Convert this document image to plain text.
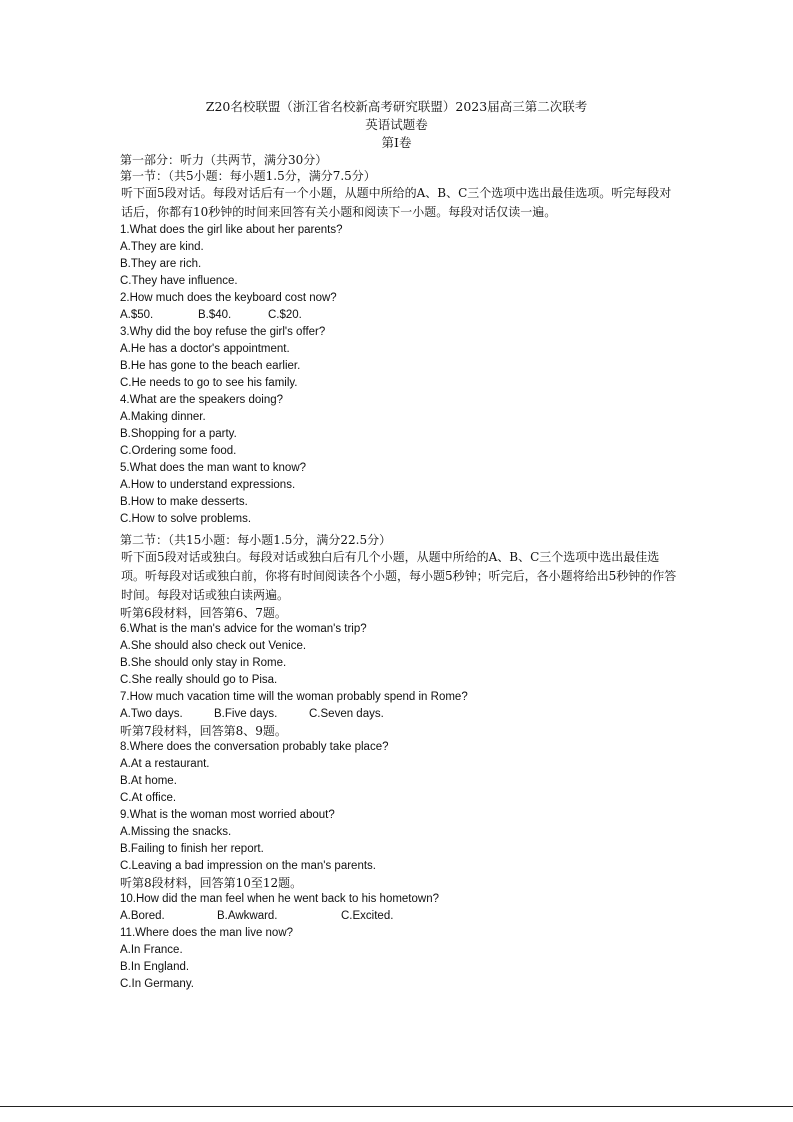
Z20名校联盟（浙江省名校新高考研究联盟）2023届高三第二次联考
英语试题卷
第Ⅰ卷

第一部分：听力（共两节，满分30分）

第一节：（共5小题：每小题1.5分，满分7.5分）

听下面5段对话。每段对话后有一个小题，从题中所给的A、B、C三个选项中选出最佳选项。听完每段对话后，你都有10秒钟的时间来回答有关小题和阅读下一小题。每段对话仅读一遍。

1.What does the girl like about her parents?

A.They are kind.

B.They are rich.

C.They have influence.

2.How much does the keyboard cost now?

A.$50.	B.$40.	C.$20.

3.Why did the boy refuse the girl's offer?

A.He has a doctor's appointment.

B.He has gone to the beach earlier.

C.He needs to go to see his family.

4.What are the speakers doing?

A.Making dinner.

B.Shopping for a party.

C.Ordering some food.

5.What does the man want to know?

A.How to understand expressions.

B.How to make desserts.

C.How to solve problems.

第二节：（共15小题：每小题1.5分，满分22.5分）

听下面5段对话或独白。每段对话或独白后有几个小题，从题中所给的A、B、C三个选项中选出最佳选项。听每段对话或独白前，你将有时间阅读各个小题，每小题5秒钟；听完后，各小题将给出5秒钟的作答时间。每段对话或独白读两遍。

听第6段材料，回答第6、7题。

6.What is the man's advice for the woman's trip?

A.She should also check out Venice.

B.She should only stay in Rome.

C.She really should go to Pisa.

7.How much vacation time will the woman probably spend in Rome?

A.Two days.	B.Five days.	C.Seven days.

听第7段材料，回答第8、9题。

8.Where does the conversation probably take place?

A.At a restaurant.

B.At home.

C.At office.

9.What is the woman most worried about?

A.Missing the snacks.

B.Failing to finish her report.

C.Leaving a bad impression on the man's parents.

听第8段材料，回答第10至12题。

10.How did the man feel when he went back to his hometown?

A.Bored.	B.Awkward.	C.Excited.

11.Where does the man live now?

A.In France.

B.In England.

C.In Germany.
